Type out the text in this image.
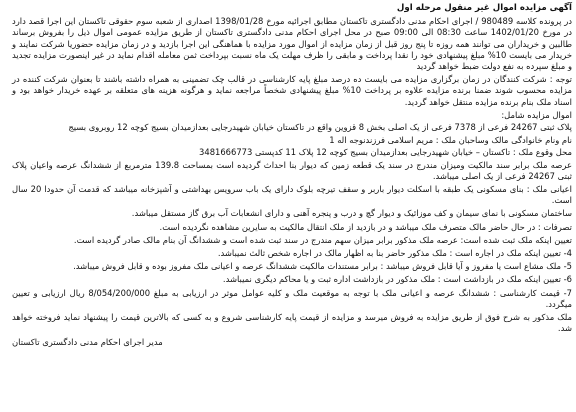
آگهی مزایده اموال غیر منقول مرحله اول
در پرونده کلاسه 980489 / اجرای احکام مدنی دادگستری تاکستان مطابق اجرائیه مورخ 1398/01/28 اصداری از شعبه سوم حقوقی تاکستان این اجرا قصد دارد در مورخ 1402/01/20 ساعت 08:30 الی 09:00 صبح در محل اجرای احکام مدنی دادگستری تاکستان از طریق مزایده عمومی اموال ذیل را بفروش برساند طالبین و خریداران می توانند همه روزه تا پنج روز قبل از زمان مزایده از اموال مورد مزایده با هماهنگی این اجرا بازدید و در زمان مزایده حضوریا شرکت نمایند و خریدار می بایست 10% مبلغ پیشنهادی خود را نقدا پرداخت و مابقی را ظرف مهلت یک ماه نسبت بپرداخت ثمن معامله اقدام نماید در غیر اینصورت مزایده تجدید و مبلغ سپرده به نفع دولت ضبط خواهد گردید
توجه : شرکت کنندگان در زمان برگزاری مزایده می بایست ده درصد مبلغ پایه کارشناسی در قالب چک تضمینی به همراه داشته باشند تا بعنوان شرکت کننده در مزایده محسوب شوند ضمنا برنده مزایده علاوه بر پرداخت 10% مبلغ پیشنهادی شخصاً مراجعه نماید و هرگونه هزینه های متعلقه بر عهده خریدار خواهد بود و اسناد ملک بنام برنده مزایده منتقل خواهد گردید.
اموال مزایده شامل:
پلاک ثبتی 24267 فرعی از 7378 فرعی از یک اصلی بخش 8 قزوین واقع در تاکستان خیابان شهیدرجایی بعدازمیدان بسیج کوچه 12 روبروی بسیج
نام ونام خانوادگی مالک وساحبان ملک : مریم اسلامی فرزندنوجه اله 1
محل وقوع ملک : تاکستان – خیابان شهیدرجایی بعدازمیدان بسیج کوچه 12 پلاک 11 کدپستی 3481666773
عرصه ملک برابر سند مالکیت ومیزان مندرج در سند یک قطعه زمین که دیوار بنا احداث گردیده است بمساحت 139.8 مترمربع از ششدانگ عرصه واعیان پلاک ثبتی 24267 فرعی از یک اصلی میباشد.
اعیانی ملک : بنای مسکونی یک طبقه با اسکلت دیوار باربر و سقف تیرچه بلوک دارای یک باب سرویس بهداشتی و آشپزخانه میباشد که قدمت آن حدودا 20 سال است.
ساختمان مسکونی با نمای سیمان و کف موزائیک و دیوار گچ و درب و پنجره آهنی و دارای انشعابات آب برق گاز مستقل میباشد.
تصرفات : در حال حاضر مالک متصرف ملک میباشد و در بازدید از ملک انتقال مالکیت به سایرین مشاهده نگردیده است.
تعیین اینکه ملک ثبت شده است: عرصه ملک مذکور برابر میزان سهم مندرج در سند ثبت شده است و ششدانگ آن بنام مالک صادر گردیده است.
4- تعیین اینکه ملک در اجاره است : ملک مذکور حاضر بنا به اظهار مالک در اجاره شخص ثالث نمیباشد.
5- ملک مشاع است یا مفروز و آیا قابل فروش میباشد : برابر مستندات مالکیت ششدانگ عرصه و اعیانی ملک مفروز بوده و قابل فروش میباشد.
6- تعیین اینکه ملک در بازداشت است : ملک مذکور در بازداشت اداره ثبت و یا محاکم دیگری نمیباشد.
7- قیمت کارشناسی : ششدانگ عرصه و اعیانی ملک با توجه به موقعیت ملک و کلیه عوامل موثر در ارزیابی به مبلغ 8/054/200/000 ریال ارزیابی و تعیین میگردد.
ملک مذکور به شرح فوق از طریق مزایده به فروش میرسد و مزایده از قیمت پایه کارشناسی شروع و به کسی که بالاترین قیمت را پیشنهاد نماید فروخته خواهد شد.
مدیر اجرای احکام مدنی دادگستری تاکستان
